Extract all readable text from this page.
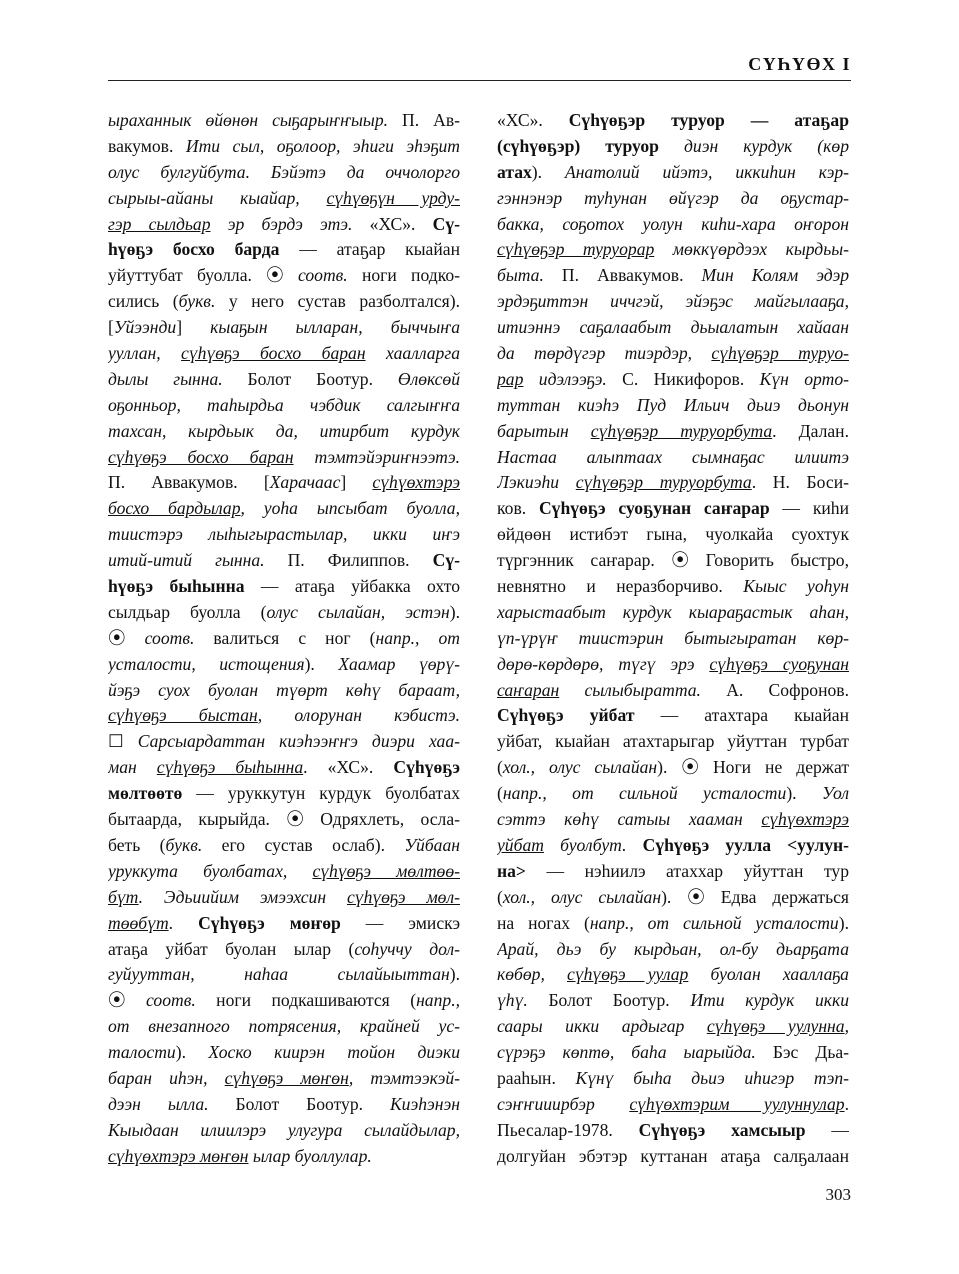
СҮҺҮӨХ I
ыраханнык өйөнөн сыҕарыҥҥыыр. П. Ав-
вакумов. Ити сыл, оҕолоор, эһиги эһэҕит
олус булгуйбута. Бэйэтэ да оччолорго
сырыы-айаны кыайар, сүһүөҕүн урду-
гэр сылдьар эр бэрдэ этэ. «ХС». Сү-
һүөҕэ босхо барда — атаҕар кыайан
уйуттубат буолла. ⦿ соотв. ноги подко-
сились (букв. у него сустав разболтался).
[Уйээнди] кыаҕын ылларан, быччыҥа
ууллан, сүһүөҕэ босхо баран хаалларга
дылы гынна. Болот Боотур. Өлөксөй
оҕонньор, таһырдьа чэбдик салгыҥҥа
тахсан, кырдьык да, итирбит курдук
сүһүөҕэ босхо баран тэмтэйэриҥнээтэ.
П. Аввакумов. [Харачаас] сүһүөхтэрэ
босхо бардылар, уоһа ыпсыбат буолла,
тиистэрэ лыһыгырастылар, икки иҥэ
итий-итий гынна. П. Филиппов. Сү-
һүөҕэ быһынна — атаҕа уйбакка охто
сылдьар буолла (олус сылайан, эстэн).
⦿ соотв. валиться с ног (напр., от
усталости, истощения). Хаамар үөрү-
йэҕэ суох буолан түөрт көһү бараат,
сүһүөҕэ быстан, олорунан кэбистэ.
☐ Сарсыардаттан киэһээҥҥэ диэри хаа-
ман сүһүөҕэ быһынна. «ХС». Сүһүөҕэ
мөлтөөтө — уруккутун курдук буолбатах
бытаарда, кырыйда. ⦿ Одряхлеть, осла-
беть (букв. его сустав ослаб). Уйбаан
уруккута буолбатах, сүһүөҕэ мөлтөө-
бүт. Эдьиийим эмээхсин сүһүөҕэ мөл-
төөбүт. Сүһүөҕэ мөҥөр — эмискэ
атаҕа уйбат буолан ылар (соһуччу дол-
гуйууттан, наһаа сылайыыттан).
⦿ соотв. ноги подкашиваются (напр.,
от внезапного потрясения, крайней ус-
талости). Хоско киирэн тойон диэки
баран иһэн, сүһүөҕэ мөҥөн, тэмтээкэй-
дээн ылла. Болот Боотур. Киэһэнэн
Кыыдаан илиилэрэ улугура сылайдылар,
сүһүөхтэрэ мөҥөн ылар буоллулар.
«ХС». Сүһүөҕэр туруор — атаҕар
(сүһүөҕэр) туруор диэн курдук (көр
атах). Анатолий ийэтэ, иккиһин кэр-
гэннэнэр туһунан өйүгэр да оҕустар-
бакка, соҕотох уолун киһи-хара оҥорон
сүһүөҕэр туруорар мөккүөрдээх кырдьы-
быта. П. Аввакумов. Мин Колям эдэр
эрдэҕиттэн иччгэй, эйэҕэс майгылааҕа,
итиэннэ саҕалаабыт дьыалатын хайаан
да төрдүгэр тиэрдэр, сүһүөҕэр туруо-
рар идэлээҕэ. С. Никифоров. Күн орто-
туттан киэһэ Пуд Ильич дьиэ дьонун
барытын сүһүөҕэр туруорбута. Далан.
Настаа алыптаах сымнаҕас илиитэ
Лэкиэһи сүһүөҕэр туруорбута. Н. Боси-
ков. Сүһүөҕэ суоҕунан саҥарар — киһи
өйдөөн истибэт гына, чуолкайа суохтук
түргэнник саҥарар. ⦿ Говорить быстро,
невнятно и неразборчиво. Кыыс уоһун
харыстаабыт курдук кыараҕастык аһан,
үп-үрүҥ тиистэрин бытыгыратан көр-
дөрө-көрдөрө, түгү эрэ сүһүөҕэ суоҕунан
саҥаран сылыбыратта. А. Софронов.
Сүһүөҕэ уйбат — атахтара кыайан
уйбат, кыайан атахтарыгар уйуттан турбат
(хол., олус сылайан). ⦿ Ноги не держат
(напр., от сильной усталости). Уол
сэттэ көһү сатыы хааман сүһүөхтэрэ
уйбат буолбут. Сүһүөҕэ уулла <уулун-
на> — нэһиилэ атаххар уйуттан тур
(хол., олус сылайан). ⦿ Едва держаться
на ногах (напр., от сильной усталости).
Арай, дьэ бу кырдьан, ол-бу дьарҕата
көбөр, сүһүөҕэ уулар буолан хааллаҕа
үһү. Болот Боотур. Ити курдук икки
саары икки ардыгар сүһүөҕэ уулунна,
сүрэҕэ көптө, баһа ыарыйда. Бэс Дьа-
рааһын. Күнү быһа дьиэ иһигэр тэп-
сэҥҥииирбэр сүһүөхтэрим уулуннулар.
Пьесалар-1978. Сүһүөҕэ хамсыыр —
долгуйан эбэтэр куттанан атаҕа салҕалаан
303
